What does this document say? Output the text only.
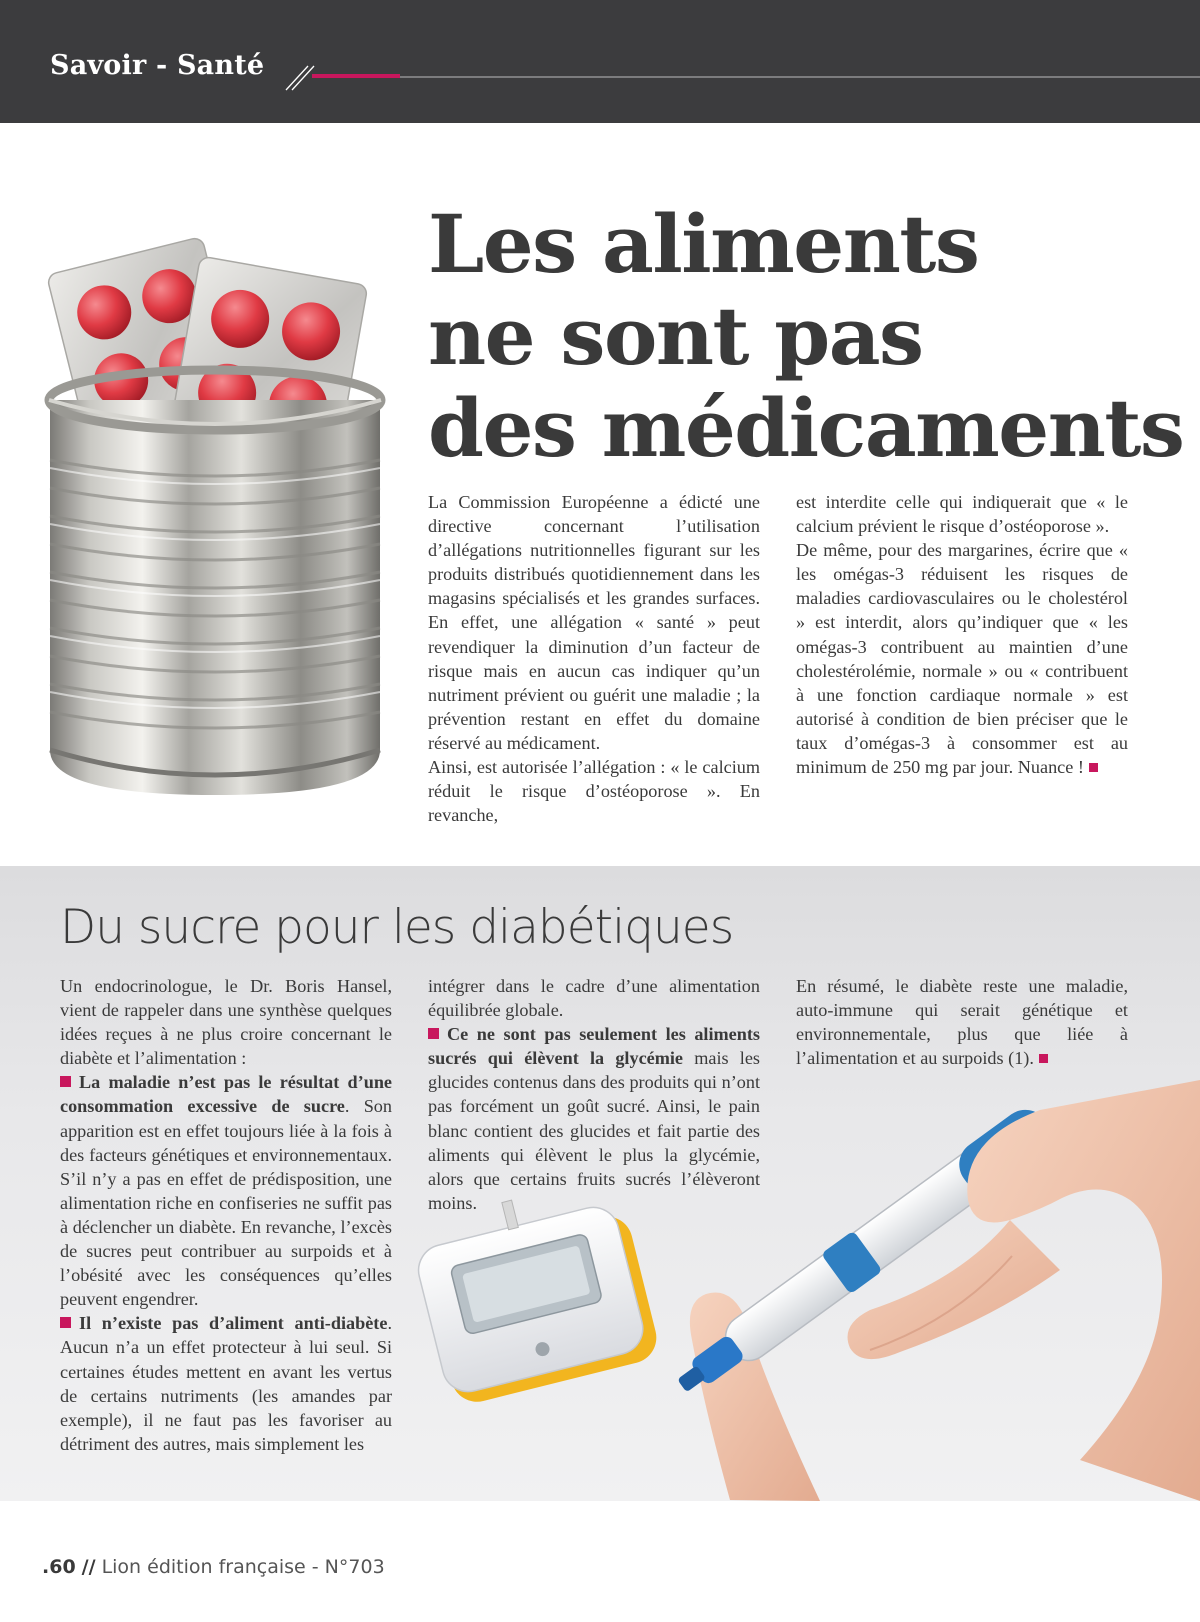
Savoir - Santé
Les aliments
ne sont pas
des médicaments

La Commission Européenne a édicté une directive concernant l’utilisation d’allégations nutritionnelles figurant sur les produits distribués quotidiennement dans les magasins spécialisés et les grandes surfaces. En effet, une allégation « santé » peut revendiquer la diminution d’un facteur de risque mais en aucun cas indiquer qu’un nutriment prévient ou guérit une maladie ; la prévention restant en effet du domaine réservé au médicament.

Ainsi, est autorisée l’allégation : « le calcium réduit le risque d’ostéoporose ». En revanche,

est interdite celle qui indiquerait que « le calcium prévient le risque d’ostéoporose ».

De même, pour des margarines, écrire que « les omégas-3 réduisent les risques de maladies cardiovasculaires ou le cholestérol » est interdit, alors qu’indiquer que « les omégas-3 contribuent au maintien d’une cholestérolémie, normale » ou « contribuent à une fonction cardiaque normale » est autorisé à condition de bien préciser que le taux d’omégas-3 à consommer est au minimum de 250 mg par jour. Nuance !

Du sucre pour les diabétiques

Un endocrinologue, le Dr. Boris Hansel, vient de rappeler dans une synthèse quelques idées reçues à ne plus croire concernant le diabète et l’alimentation :

La maladie n’est pas le résultat d’une consommation excessive de sucre. Son apparition est en effet toujours liée à la fois à des facteurs génétiques et environnementaux. S’il n’y a pas en effet de prédisposition, une alimentation riche en confiseries ne suffit pas à déclencher un diabète. En revanche, l’excès de sucres peut contribuer au surpoids et à l’obésité avec les conséquences qu’elles peuvent engendrer.

Il n’existe pas d’aliment anti-diabète. Aucun n’a un effet protecteur à lui seul. Si certaines études mettent en avant les vertus de certains nutriments (les amandes par exemple), il ne faut pas les favoriser au détriment des autres, mais simplement les

intégrer dans le cadre d’une alimentation équilibrée globale.

Ce ne sont pas seulement les aliments sucrés qui élèvent la glycémie mais les glucides contenus dans des produits qui n’ont pas forcément un goût sucré. Ainsi, le pain blanc contient des glucides et fait partie des aliments qui élèvent le plus la glycémie, alors que certains fruits sucrés l’élèveront moins.

En résumé, le diabète reste une maladie, auto-immune qui serait génétique et environnementale, plus que liée à l’alimentation et au surpoids (1).

.60 // Lion édition française - N°703
